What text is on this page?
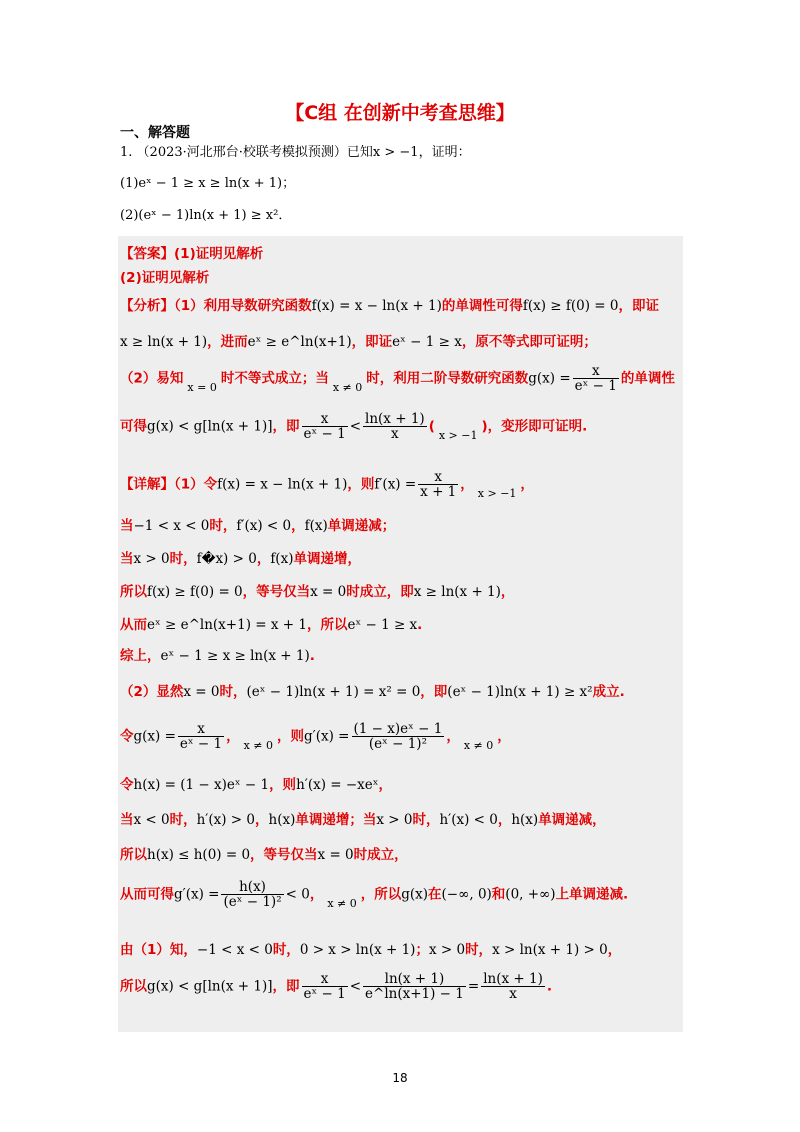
【C组 在创新中考查思维】
一、解答题
1. （2023·河北邢台·校联考模拟预测）已知x > −1，证明：
(1)eˣ − 1 ≥ x ≥ ln(x + 1)；
(2)(eˣ − 1)ln(x + 1) ≥ x²．
【答案】(1)证明见解析
(2)证明见解析
【分析】（1）利用导数研究函数f(x) = x − ln(x + 1)的单调性可得f(x) ≥ f(0) = 0，即证
x ≥ ln(x + 1)，进而eˣ ≥ e^ln(x+1)，即证eˣ − 1 ≥ x，原不等式即可证明；
（2）易知$_{x = 0}$时不等式成立；当$_{x \ne 0}$时，利用二阶导数研究函数$g(x) = \frac{x}{\text{eˣ − 1}}$ 的单调性
可得g(x) < g[ln(x + 1)]，即 $\frac{x}{\text{eˣ − 1}} < \frac{\ln(x + 1)}{x} (_{x > -1})$，变形即可证明.
【详解】（1）令f(x) = x − ln(x + 1)，则$f'(x) = \frac{x}{x + 1}$ ，$_{x > -1}$，
当−1 < x < 0时，f′(x) < 0，f(x)单调递减；
当x > 0时，f�x) > 0，f(x)单调递增，
所以f(x) ≥ f(0) = 0，等号仅当x = 0时成立，即x ≥ ln(x + 1)，
从而eˣ ≥ e^ln(x+1) = x + 1，所以eˣ − 1 ≥ x.
综上，eˣ − 1 ≥ x ≥ ln(x + 1).
（2）显然x = 0时，(eˣ − 1)ln(x + 1) = x² = 0，即(eˣ − 1)ln(x + 1) ≥ x²成立.
令$g(x) = \frac{x}{\text{eˣ − 1}}$ ，$_{x \ne 0}$，则$g'(x) = \frac{\text{(1 − x)eˣ − 1}}{\text{(eˣ − 1)²}}$ ，$_{x \ne 0}$，
令h(x) = (1 − x)eˣ − 1，则h′(x) = −xeˣ，
当x < 0时，h′(x) > 0，h(x)单调递增；当x > 0时，h′(x) < 0，h(x)单调递减，
所以h(x) ≤ h(0) = 0，等号仅当x = 0时成立，
从而可得$g'(x) = \frac{h(x)}{\text{(eˣ − 1)²}} < 0$，$_{x \ne 0}$，所以g(x)在(−∞, 0)和(0, +∞)上单调递减.
由（1）知，−1 < x < 0时，0 > x > ln(x + 1)；x > 0时，x > ln(x + 1) > 0，
所以g(x) < g[ln(x + 1)]，即 $\frac{x}{\text{eˣ − 1}} < \frac{\ln(x + 1)}{e\^{}\ln(x+1) - 1} = \frac{\ln(x + 1)}{x}$ .
18
